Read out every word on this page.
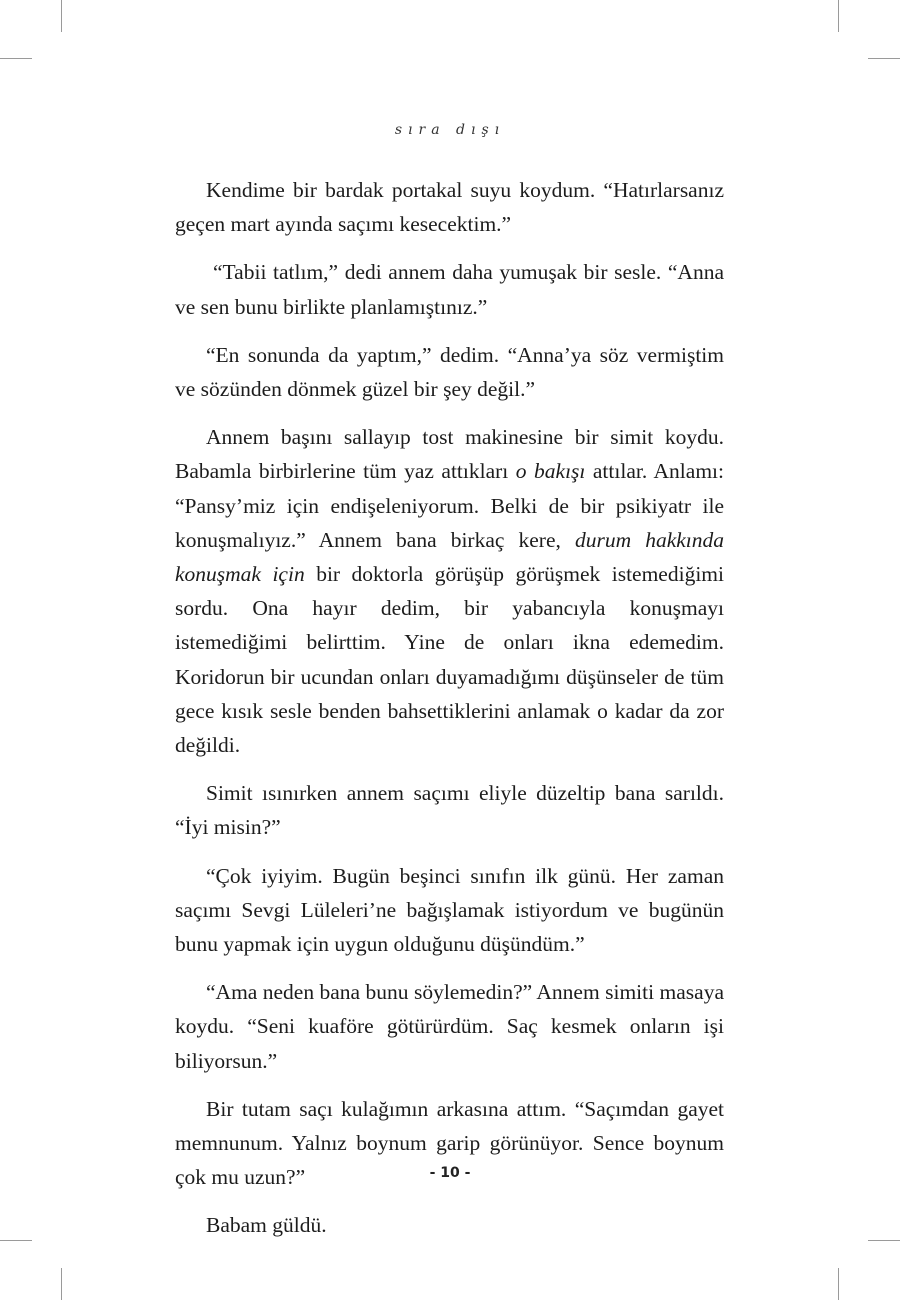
sıra dışı

Kendime bir bardak portakal suyu koydum. “Hatırlarsanız geçen mart ayında saçımı kesecektim.”

“Tabii tatlım,” dedi annem daha yumuşak bir sesle. “Anna ve sen bunu birlikte planlamıştınız.”

“En sonunda da yaptım,” dedim. “Anna’ya söz vermiştim ve sözünden dönmek güzel bir şey değil.”

Annem başını sallayıp tost makinesine bir simit koydu. Babamla birbirlerine tüm yaz attıkları o bakışı attılar. Anlamı: “Pansy’miz için endişeleniyorum. Belki de bir psikiyatr ile konuşmalıyız.” Annem bana birkaç kere, durum hakkında konuşmak için bir doktorla görüşüp görüşmek istemediğimi sordu. Ona hayır dedim, bir yabancıyla konuşmayı istemediğimi belirttim. Yine de onları ikna edemedim. Koridorun bir ucundan onları duyamadığımı düşünseler de tüm gece kısık sesle benden bahsettiklerini anlamak o kadar da zor değildi.

Simit ısınırken annem saçımı eliyle düzeltip bana sarıldı. “İyi misin?”

“Çok iyiyim. Bugün beşinci sınıfın ilk günü. Her zaman saçımı Sevgi Lüleleri’ne bağışlamak istiyordum ve bugünün bunu yapmak için uygun olduğunu düşündüm.”

“Ama neden bana bunu söylemedin?” Annem simiti masaya koydu. “Seni kuaföre götürürdüm. Saç kesmek onların işi biliyorsun.”

Bir tutam saçı kulağımın arkasına attım. “Saçımdan gayet memnunum. Yalnız boynum garip görünüyor. Sence boynum çok mu uzun?”

Babam güldü.

- 10 -
